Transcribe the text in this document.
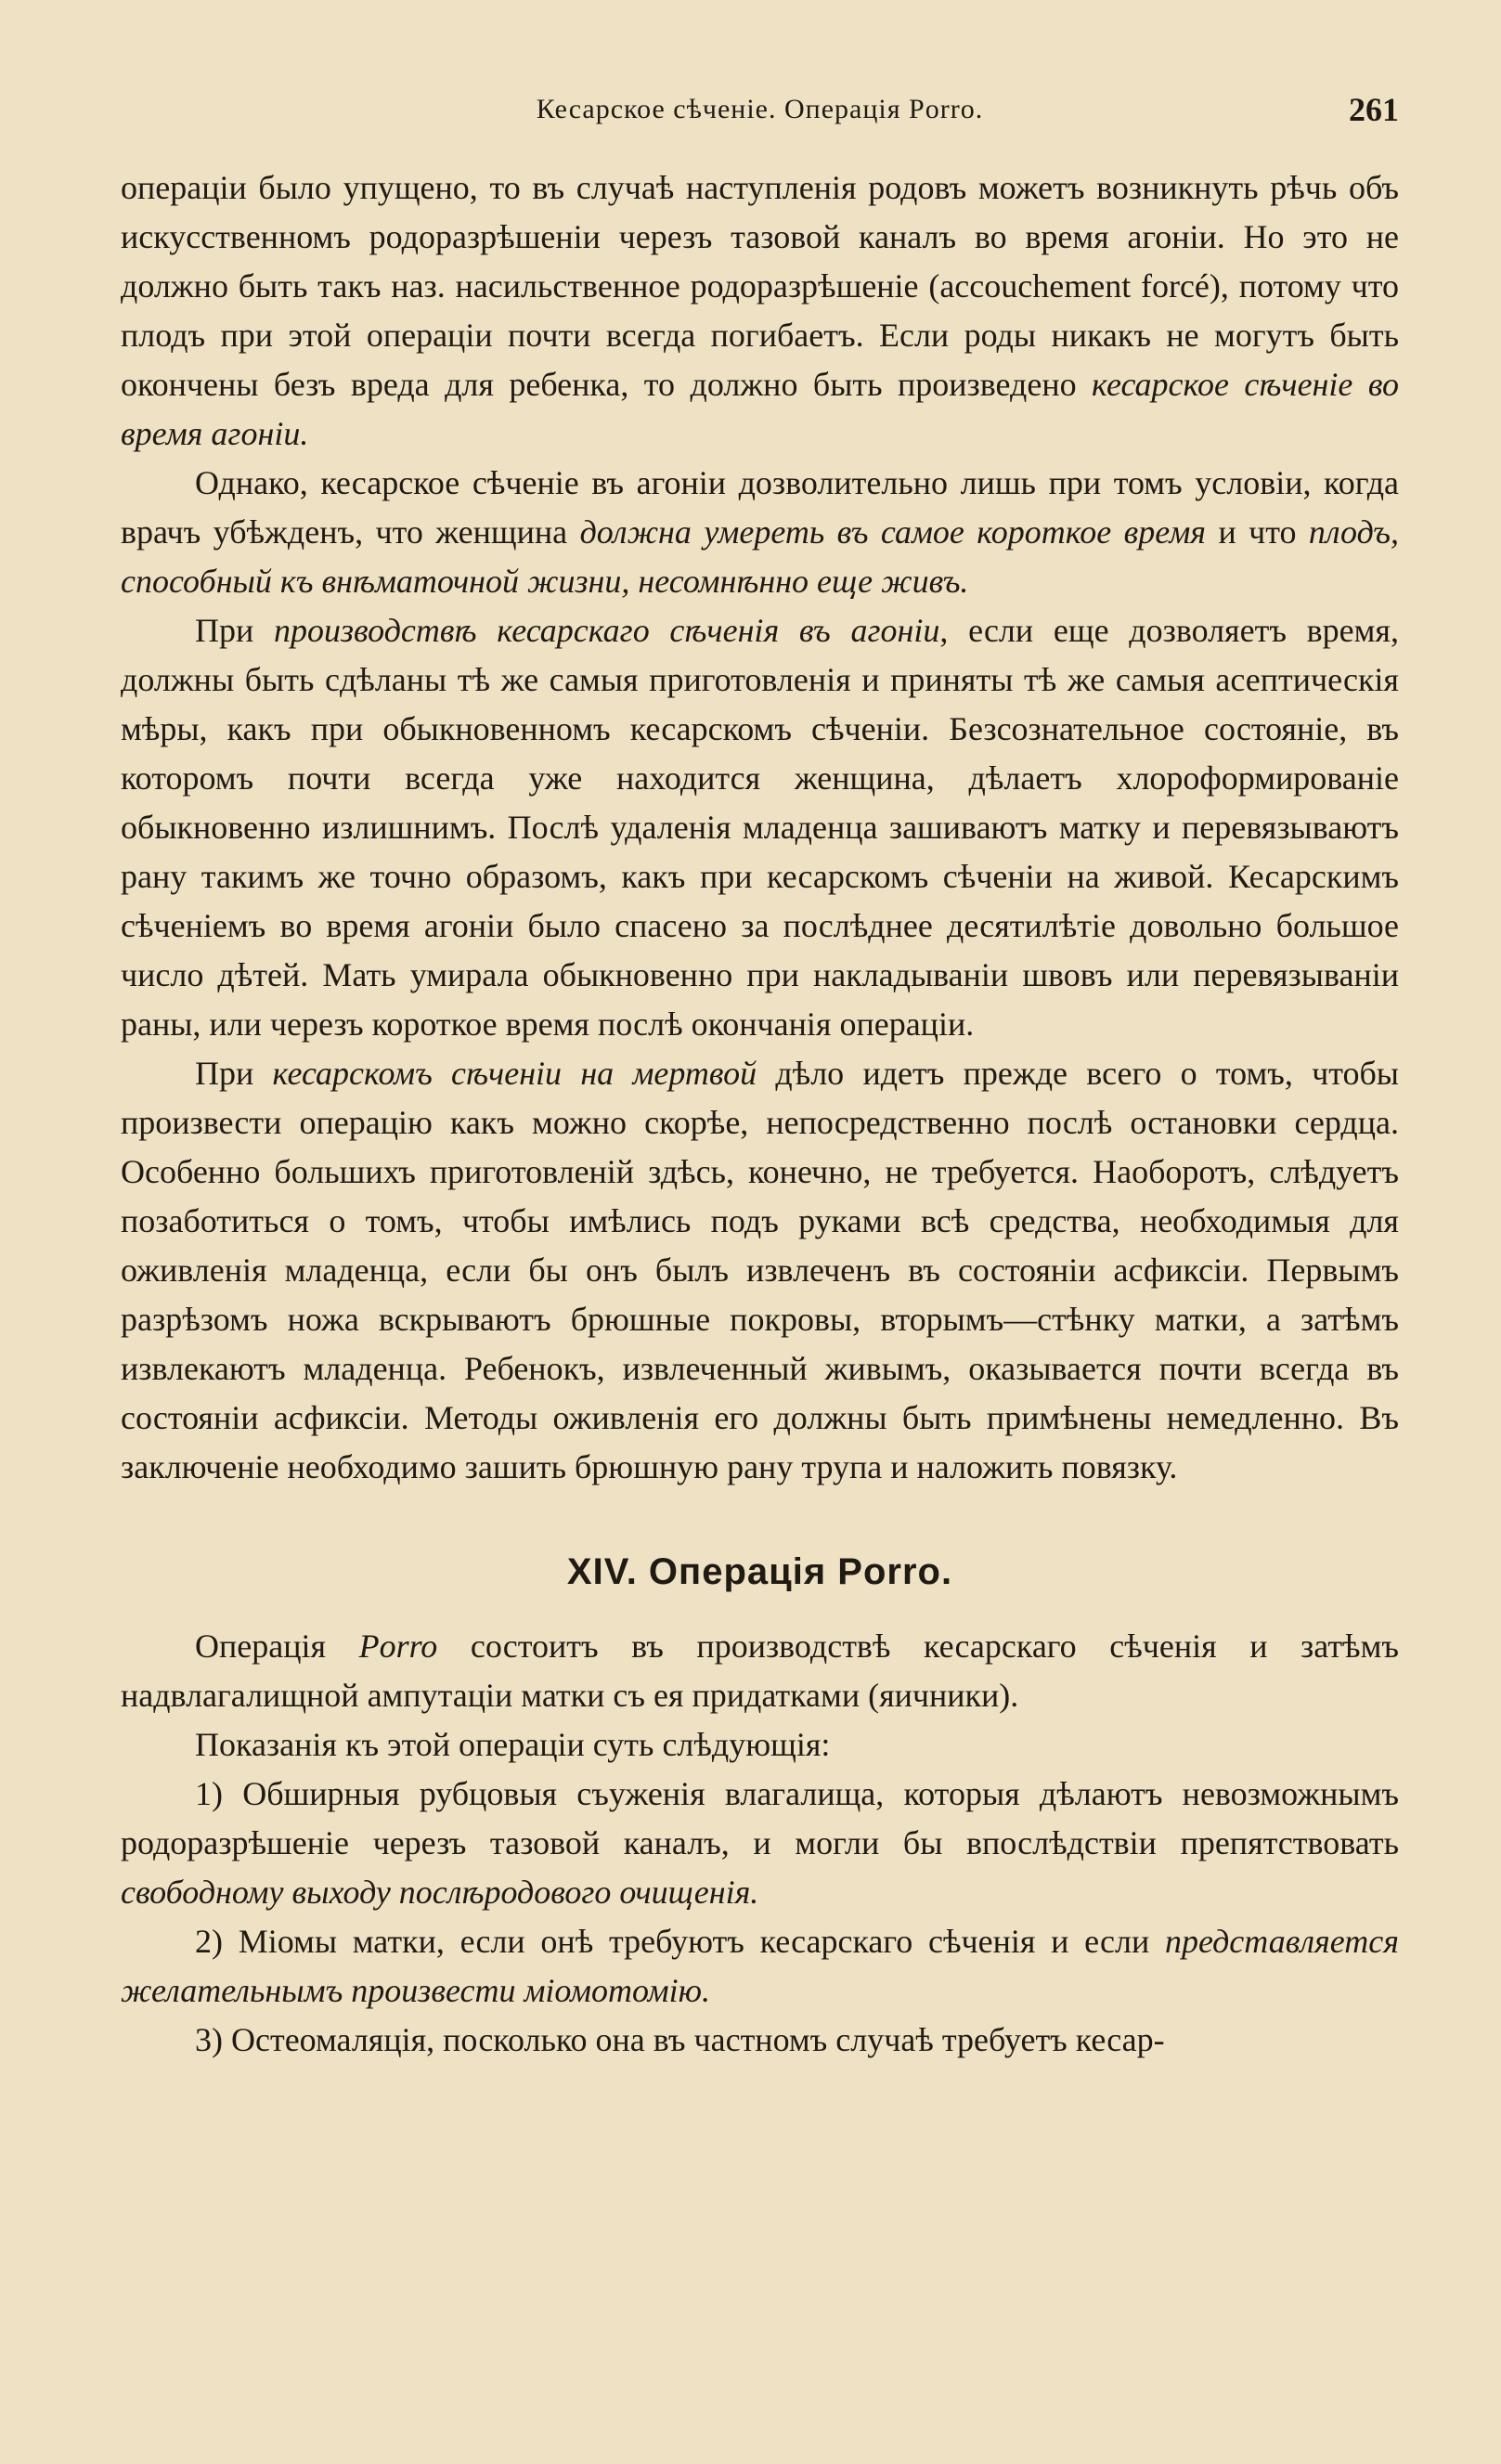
Кесарское сѣченіе. Операція Porro.	261

операціи было упущено, то въ случаѣ наступленія родовъ можетъ возникнуть рѣчь объ искусственномъ родоразрѣшеніи черезъ тазовой каналъ во время агоніи. Но это не должно быть такъ наз. насильственное родоразрѣшеніе (accouchement forcé), потому что плодъ при этой операціи почти всегда погибаетъ. Если роды никакъ не могутъ быть окончены безъ вреда для ребенка, то должно быть произведено кесарское сѣченіе во время агоніи.

Однако, кесарское сѣченіе въ агоніи дозволительно лишь при томъ условіи, когда врачъ убѣжденъ, что женщина должна умереть въ самое короткое время и что плодъ, способный къ внѣматочной жизни, несомнѣнно еще живъ.

При производствѣ кесарскаго сѣченія въ агоніи, если еще дозволяетъ время, должны быть сдѣланы тѣ же самыя приготовленія и приняты тѣ же самыя асептическія мѣры, какъ при обыкновенномъ кесарскомъ сѣченіи. Безсознательное состояніе, въ которомъ почти всегда уже находится женщина, дѣлаетъ хлороформированіе обыкновенно излишнимъ. Послѣ удаленія младенца зашиваютъ матку и перевязываютъ рану такимъ же точно образомъ, какъ при кесарскомъ сѣченіи на живой. Кесарскимъ сѣченіемъ во время агоніи было спасено за послѣднее десятилѣтіе довольно большое число дѣтей. Мать умирала обыкновенно при накладываніи швовъ или перевязываніи раны, или черезъ короткое время послѣ окончанія операціи.

При кесарскомъ сѣченіи на мертвой дѣло идетъ прежде всего о томъ, чтобы произвести операцію какъ можно скорѣе, непосредственно послѣ остановки сердца. Особенно большихъ приготовленій здѣсь, конечно, не требуется. Наоборотъ, слѣдуетъ позаботиться о томъ, чтобы имѣлись подъ руками всѣ средства, необходимыя для оживленія младенца, если бы онъ былъ извлеченъ въ состояніи асфиксіи. Первымъ разрѣзомъ ножа вскрываютъ брюшные покровы, вторымъ—стѣнку матки, а затѣмъ извлекаютъ младенца. Ребенокъ, извлеченный живымъ, оказывается почти всегда въ состояніи асфиксіи. Методы оживленія его должны быть примѣнены немедленно. Въ заключеніе необходимо зашить брюшную рану трупа и наложить повязку.

XIV. Операція Porro.

Операція Porro состоитъ въ производствѣ кесарскаго сѣченія и затѣмъ надвлагалищной ампутаціи матки съ ея придатками (яичники).

Показанія къ этой операціи суть слѣдующія:

1) Обширныя рубцовыя съуженія влагалища, которыя дѣлаютъ невозможнымъ родоразрѣшеніе черезъ тазовой каналъ, и могли бы впослѣдствіи препятствовать свободному выходу послѣродового очищенія.

2) Міомы матки, если онѣ требуютъ кесарскаго сѣченія и если представляется желательнымъ произвести міомотомію.

3) Остеомаляція, посколько она въ частномъ случаѣ требуетъ кесар-
